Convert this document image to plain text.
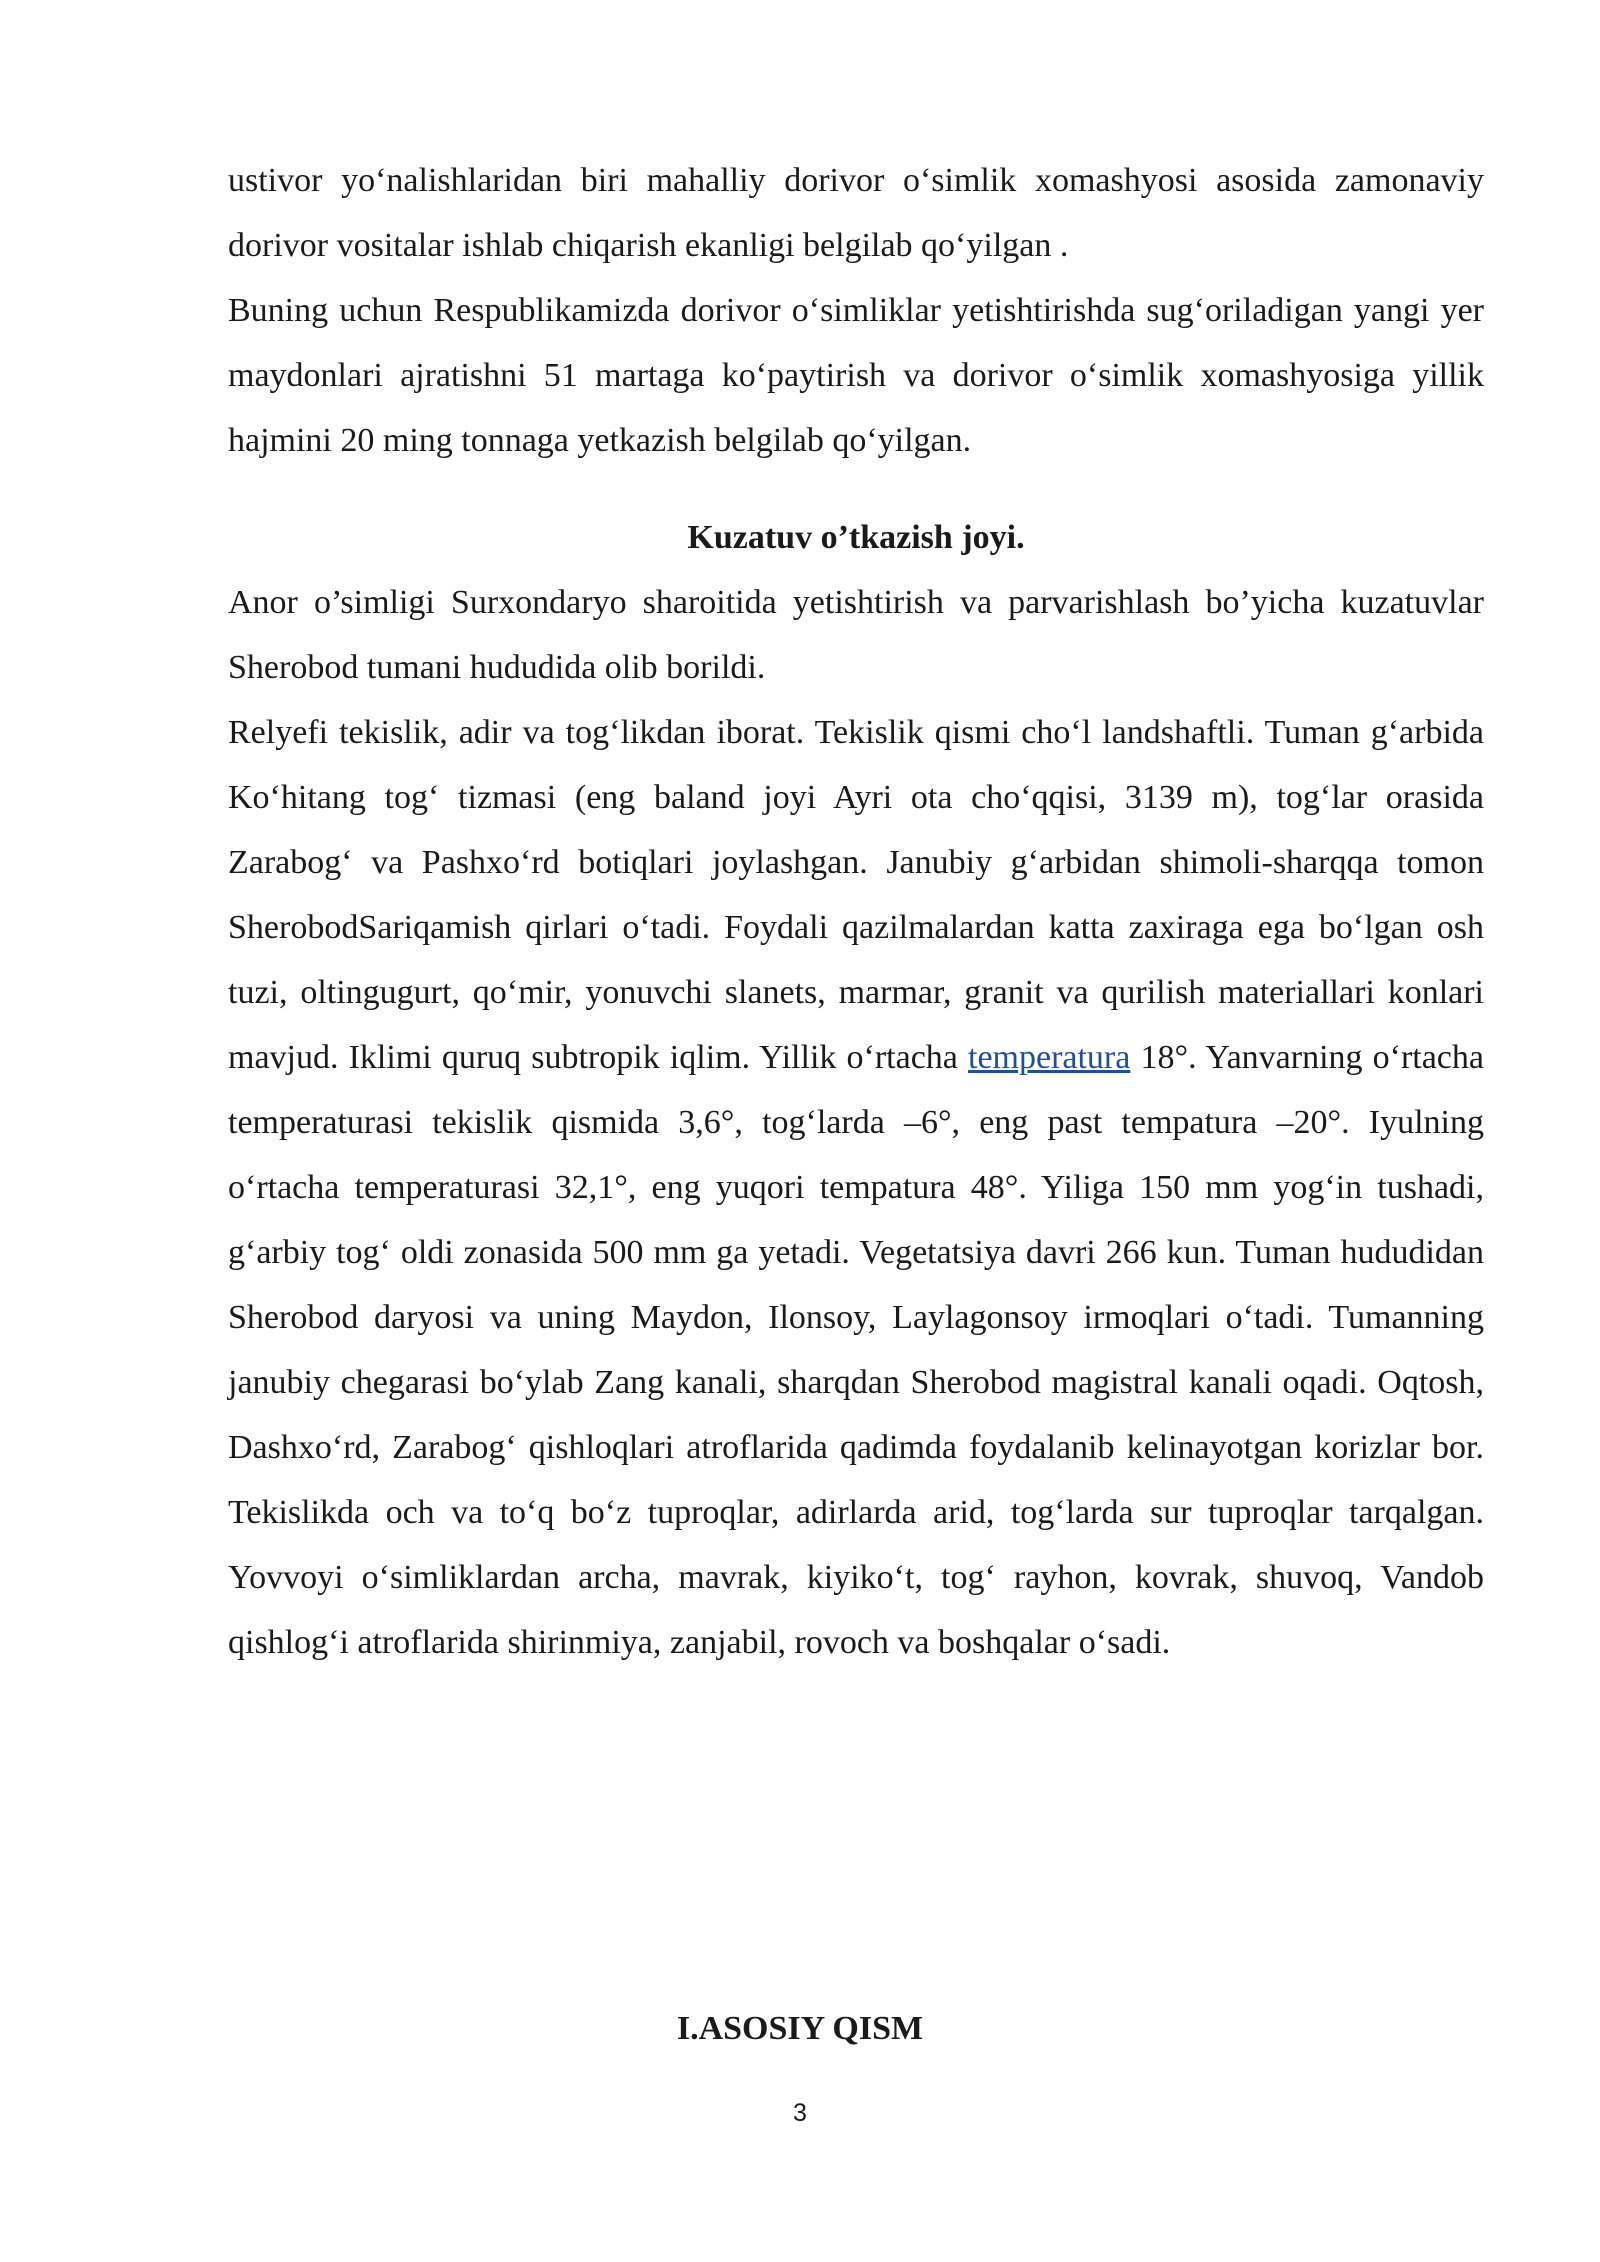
ustivor yo‘nalishlaridan biri mahalliy dorivor o‘simlik xomashyosi asosida zamonaviy dorivor vositalar ishlab chiqarish ekanligi belgilab qo‘yilgan .

Buning uchun Respublikamizda dorivor o‘simliklar yetishtirishda sug‘oriladigan yangi yer maydonlari ajratishni 51 martaga ko‘paytirish va dorivor o‘simlik xomashyosiga yillik hajmini 20 ming tonnaga yetkazish belgilab qo‘yilgan.

Kuzatuv o’tkazish joyi.

Anor o’simligi Surxondaryo sharoitida yetishtirish va parvarishlash bo’yicha kuzatuvlar Sherobod tumani hududida olib borildi.

Relyefi tekislik, adir va tog‘likdan iborat. Tekislik qismi cho‘l landshaftli. Tuman g‘arbida Ko‘hitang tog‘ tizmasi (eng baland joyi Ayri ota cho‘qqisi, 3139 m), tog‘lar orasida Zarabog‘ va Pashxo‘rd botiqlari joylashgan. Janubiy g‘arbidan shimoli-sharqqa tomon SherobodSariqamish qirlari o‘tadi. Foydali qazilmalardan katta zaxiraga ega bo‘lgan osh tuzi, oltingugurt, qo‘mir, yonuvchi slanets, marmar, granit va qurilish materiallari konlari mavjud. Iklimi quruq subtropik iqlim. Yillik o‘rtacha temperatura 18°. Yanvarning o‘rtacha temperaturasi tekislik qismida 3,6°, tog‘larda –6°, eng past tempatura –20°. Iyulning o‘rtacha temperaturasi 32,1°, eng yuqori tempatura 48°. Yiliga 150 mm yog‘in tushadi, g‘arbiy tog‘ oldi zonasida 500 mm ga yetadi. Vegetatsiya davri 266 kun. Tuman hududidan Sherobod daryosi va uning Maydon, Ilonsoy, Laylagonsoy irmoqlari o‘tadi. Tumanning janubiy chegarasi bo‘ylab Zang kanali, sharqdan Sherobod magistral kanali oqadi. Oqtosh, Dashxo‘rd, Zarabog‘ qishloqlari atroflarida qadimda foydalanib kelinayotgan korizlar bor. Tekislikda och va to‘q bo‘z tuproqlar, adirlarda arid, tog‘larda sur tuproqlar tarqalgan. Yovvoyi o‘simliklardan archa, mavrak, kiyiko‘t, tog‘ rayhon, kovrak, shuvoq, Vandob qishlog‘i atroflarida shirinmiya, zanjabil, rovoch va boshqalar o‘sadi.

I.ASOSIY QISM

3
